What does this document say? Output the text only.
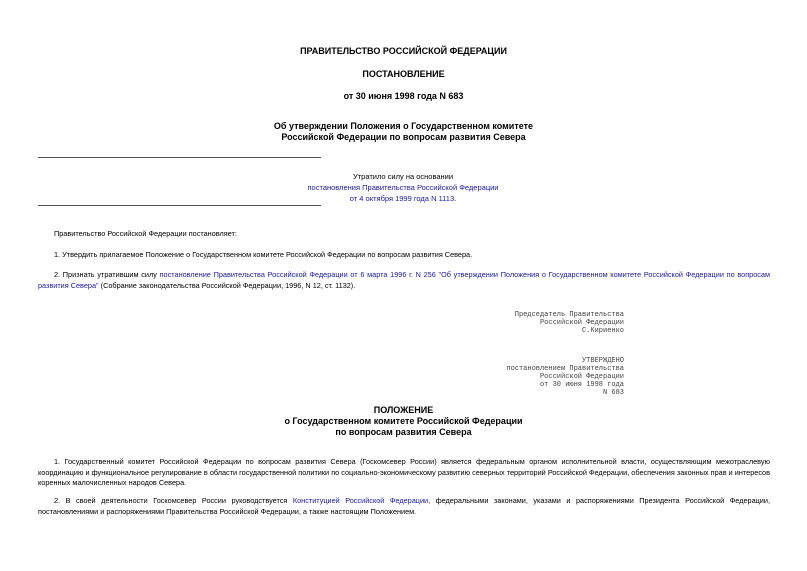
ПРАВИТЕЛЬСТВО РОССИЙСКОЙ ФЕДЕРАЦИИ
ПОСТАНОВЛЕНИЕ
от 30 июня 1998 года N 683
Об утверждении Положения о Государственном комитете
Российской Федерации по вопросам развития Севера
Утратило силу на основании
постановления Правительства Российской Федерации
от 4 октября 1999 года N 1113.
Правительство Российской Федерации постановляет:
1. Утвердить прилагаемое Положение о Государственном комитете Российской Федерации по вопросам развития Севера.
2. Признать утратившим силу постановление Правительства Российской Федерации от 6 марта 1996 г. N 256 "Об утверждении Положения о Государственном комитете Российской Федерации по вопросам развития Севера" (Собрание законодательства Российской Федерации, 1996, N 12, ст. 1132).
Председатель Правительства
Российской Федерации
С.Кириенко
УТВЕРЖДЕНО
постановлением Правительства
Российской Федерации
от 30 июня 1998 года
N 683
ПОЛОЖЕНИЕ
о Государственном комитете Российской Федерации
по вопросам развития Севера
1. Государственный комитет Российской Федерации по вопросам развития Севера (Госкомсевер России) является федеральным органом исполнительной власти, осуществляющим межотраслевую координацию и функциональное регулирование в области государственной политики по социально-экономическому развитию северных территорий Российской Федерации, обеспечения законных прав и интересов коренных малочисленных народов Севера.
2. В своей деятельности Госкомсевер России руководствуется Конституцией Российской Федерации, федеральными законами, указами и распоряжениями Президента Российской Федерации, постановлениями и распоряжениями Правительства Российской Федерации, а также настоящим Положением.
